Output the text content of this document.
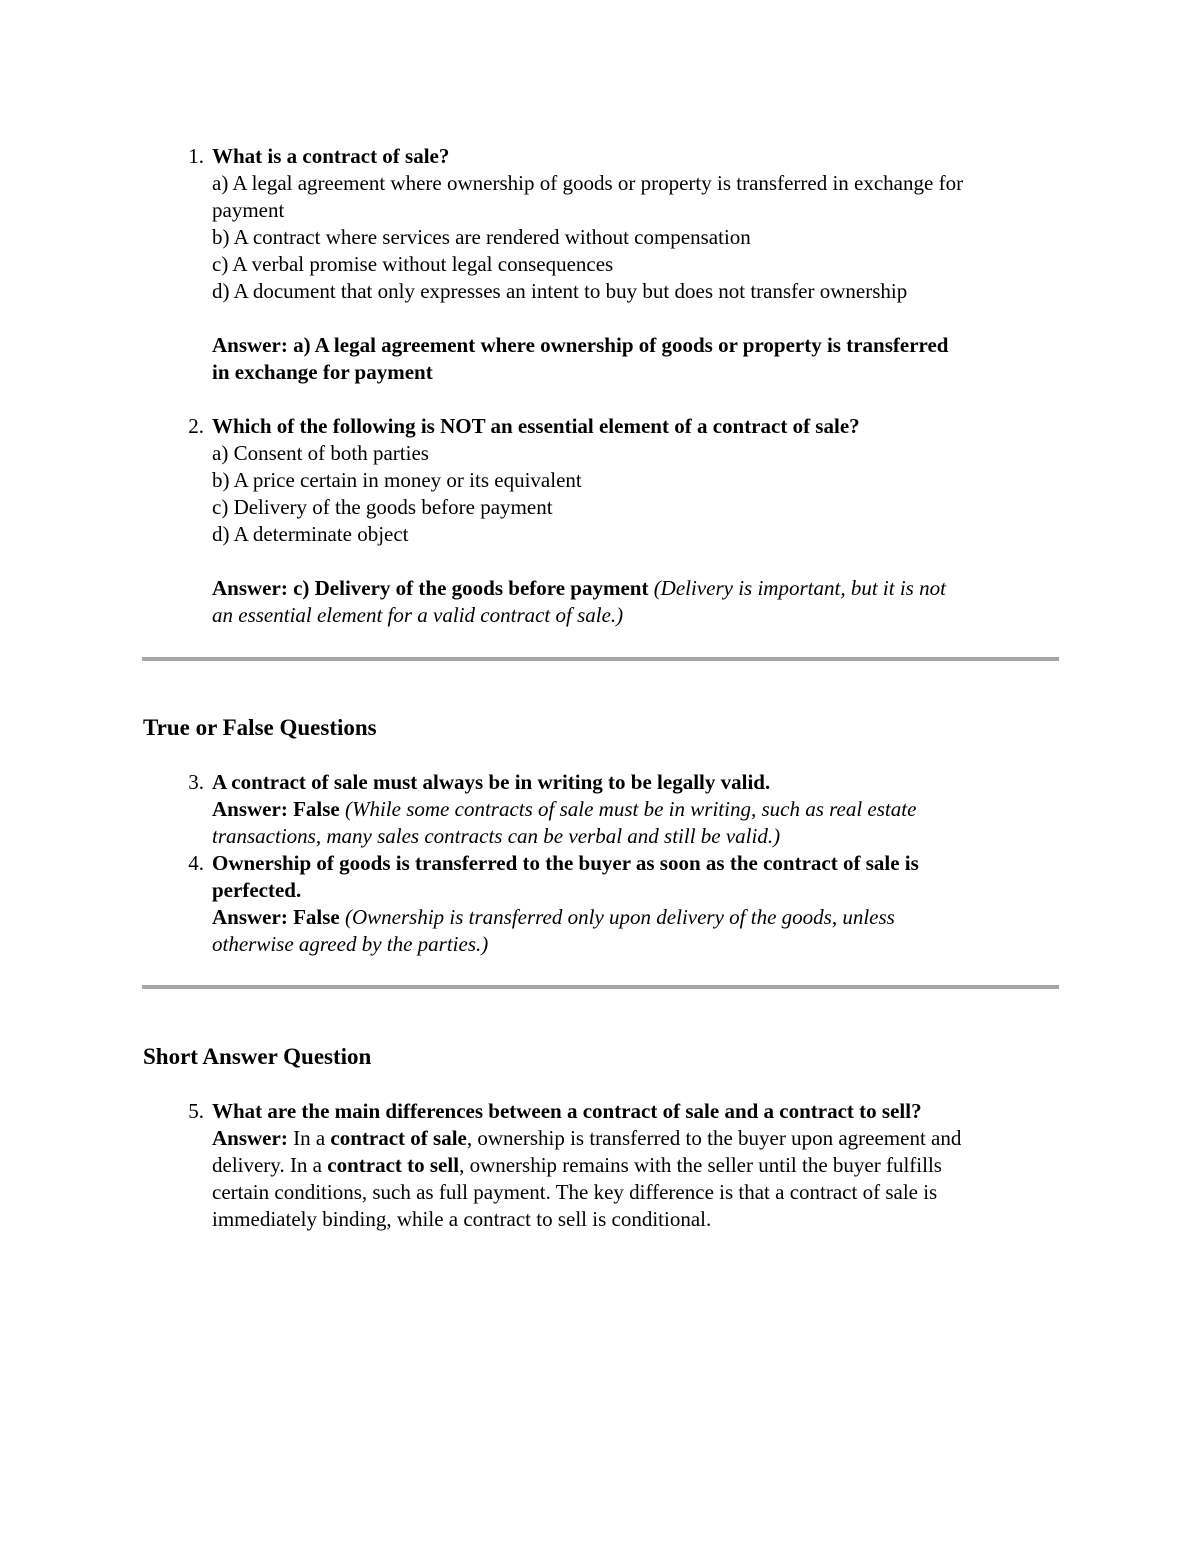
1. What is a contract of sale?
a) A legal agreement where ownership of goods or property is transferred in exchange for
payment
b) A contract where services are rendered without compensation
c) A verbal promise without legal consequences
d) A document that only expresses an intent to buy but does not transfer ownership
Answer: a) A legal agreement where ownership of goods or property is transferred
in exchange for payment
2. Which of the following is NOT an essential element of a contract of sale?
a) Consent of both parties
b) A price certain in money or its equivalent
c) Delivery of the goods before payment
d) A determinate object
Answer: c) Delivery of the goods before payment (Delivery is important, but it is not
an essential element for a valid contract of sale.)
True or False Questions
3. A contract of sale must always be in writing to be legally valid.
Answer: False (While some contracts of sale must be in writing, such as real estate
transactions, many sales contracts can be verbal and still be valid.)
4. Ownership of goods is transferred to the buyer as soon as the contract of sale is
perfected.
Answer: False (Ownership is transferred only upon delivery of the goods, unless
otherwise agreed by the parties.)
Short Answer Question
5. What are the main differences between a contract of sale and a contract to sell?
Answer: In a contract of sale, ownership is transferred to the buyer upon agreement and
delivery. In a contract to sell, ownership remains with the seller until the buyer fulfills
certain conditions, such as full payment. The key difference is that a contract of sale is
immediately binding, while a contract to sell is conditional.
